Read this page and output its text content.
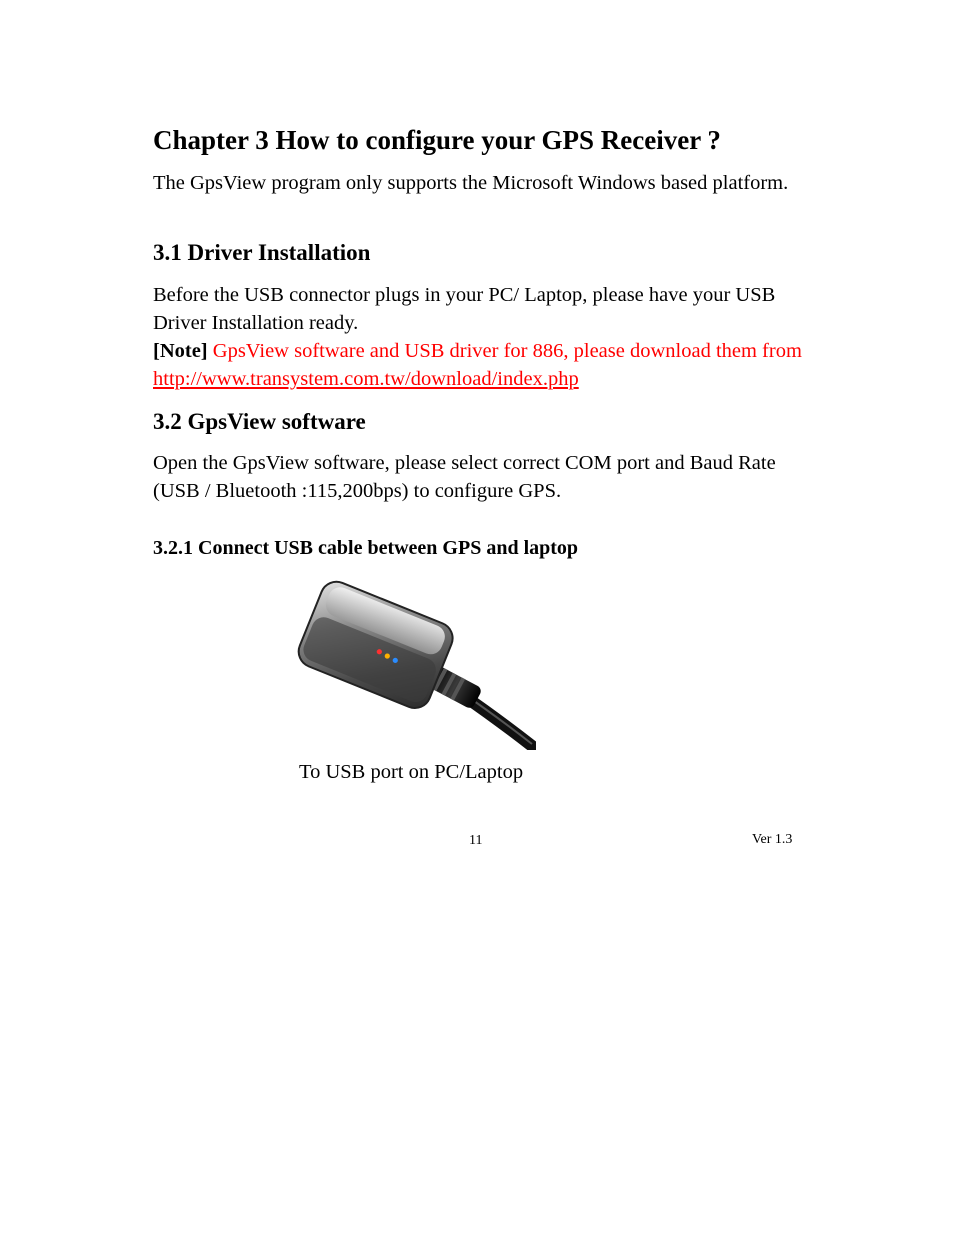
Chapter 3 How to configure your GPS Receiver ?

The GpsView program only supports the Microsoft Windows based platform.

3.1 Driver Installation

Before the USB connector plugs in your PC/ Laptop, please have your USB Driver Installation ready.

[Note] GpsView software and USB driver for 886, please download them from http://www.transystem.com.tw/download/index.php

3.2 GpsView software

Open the GpsView software, please select correct COM port and Baud Rate (USB / Bluetooth :115,200bps) to configure GPS.

3.2.1 Connect USB cable between GPS and laptop
To USB port on PC/Laptop
11	Ver 1.3
